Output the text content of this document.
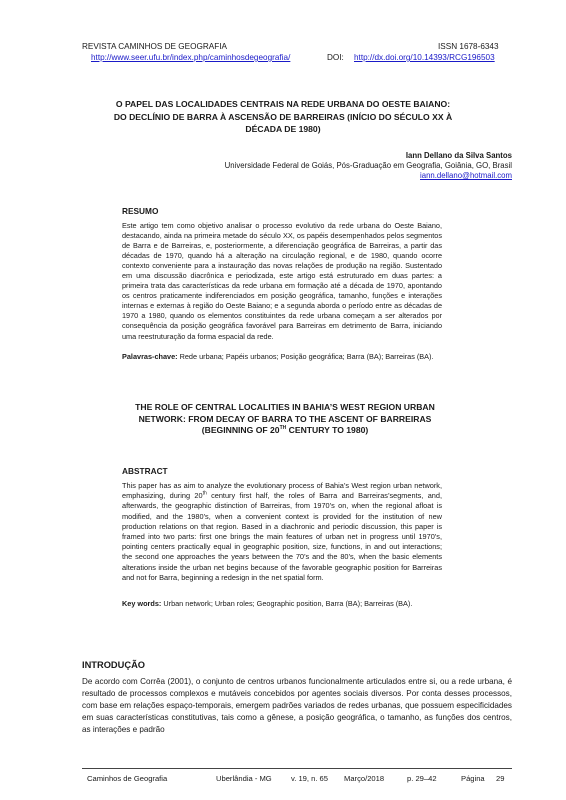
REVISTA CAMINHOS DE GEOGRAFIA	ISSN 1678-6343
http://www.seer.ufu.br/index.php/caminhosdegeografia/	DOI: http://dx.doi.org/10.14393/RCG196503
O PAPEL DAS LOCALIDADES CENTRAIS NA REDE URBANA DO OESTE BAIANO:
DO DECLÍNIO DE BARRA À ASCENSÃO DE BARREIRAS (INÍCIO DO SÉCULO XX À
DÉCADA DE 1980)
Iann Dellano da Silva Santos
Universidade Federal de Goiás, Pós-Graduação em Geografia, Goiânia, GO, Brasil
iann.dellano@hotmail.com
RESUMO
Este artigo tem como objetivo analisar o processo evolutivo da rede urbana do Oeste Baiano, destacando, ainda na primeira metade do século XX, os papéis desempenhados pelos segmentos de Barra e de Barreiras, e, posteriormente, a diferenciação geográfica de Barreiras, a partir das décadas de 1970, quando há a alteração na circulação regional, e de 1980, quando ocorre contexto conveniente para a instauração das novas relações de produção na região. Sustentado em uma discussão diacrônica e periodizada, este artigo está estruturado em duas partes: a primeira trata das características da rede urbana em formação até a década de 1970, apontando os centros praticamente indiferenciados em posição geográfica, tamanho, funções e interações internas e externas à região do Oeste Baiano; e a segunda aborda o período entre as décadas de 1970 a 1980, quando os elementos constituintes da rede urbana começam a ser alterados por consequência da posição geográfica favorável para Barreiras em detrimento de Barra, iniciando uma reestruturação da forma espacial da rede.
Palavras-chave: Rede urbana; Papéis urbanos; Posição geográfica; Barra (BA); Barreiras (BA).
THE ROLE OF CENTRAL LOCALITIES IN BAHIA’S WEST REGION URBAN
NETWORK: FROM DECAY OF BARRA TO THE ASCENT OF BARREIRAS
(BEGINNING OF 20TH CENTURY TO 1980)
ABSTRACT
This paper has as aim to analyze the evolutionary process of Bahia’s West region urban network, emphasizing, during 20th century first half, the roles of Barra and Barreiras’segments, and, afterwards, the geographic distinction of Barreiras, from 1970’s on, when the regional afloat is modified, and the 1980’s, when a convenient context is provided for the institution of new production relations on that region. Based in a diachronic and periodic discussion, this paper is framed into two parts: first one brings the main features of urban net in progress until 1970’s, pointing centers practically equal in geographic position, size, functions, in and out interactions; the second one approaches the years between the 70’s and the 80’s, when the basic elements alterations inside the urban net begins because of the favorable geographic position for Barreiras and not for Barra, beginning a redesign in the net spatial form.
Key words: Urban network; Urban roles; Geographic position, Barra (BA); Barreiras (BA).
INTRODUÇÃO
De acordo com Corrêa (2001), o conjunto de centros urbanos funcionalmente articulados entre si, ou a rede urbana, é resultado de processos complexos e mutáveis concebidos por agentes sociais diversos. Por conta desses processos, com base em relações espaço-temporais, emergem padrões variados de redes urbanas, que possuem especificidades em suas características constitutivas, tais como a gênese, a posição geográfica, o tamanho, as funções dos centros, as interações e padrão
Caminhos de Geografia	Uberlândia - MG	v. 19, n. 65 Março/2018	p. 29–42	Página 29
